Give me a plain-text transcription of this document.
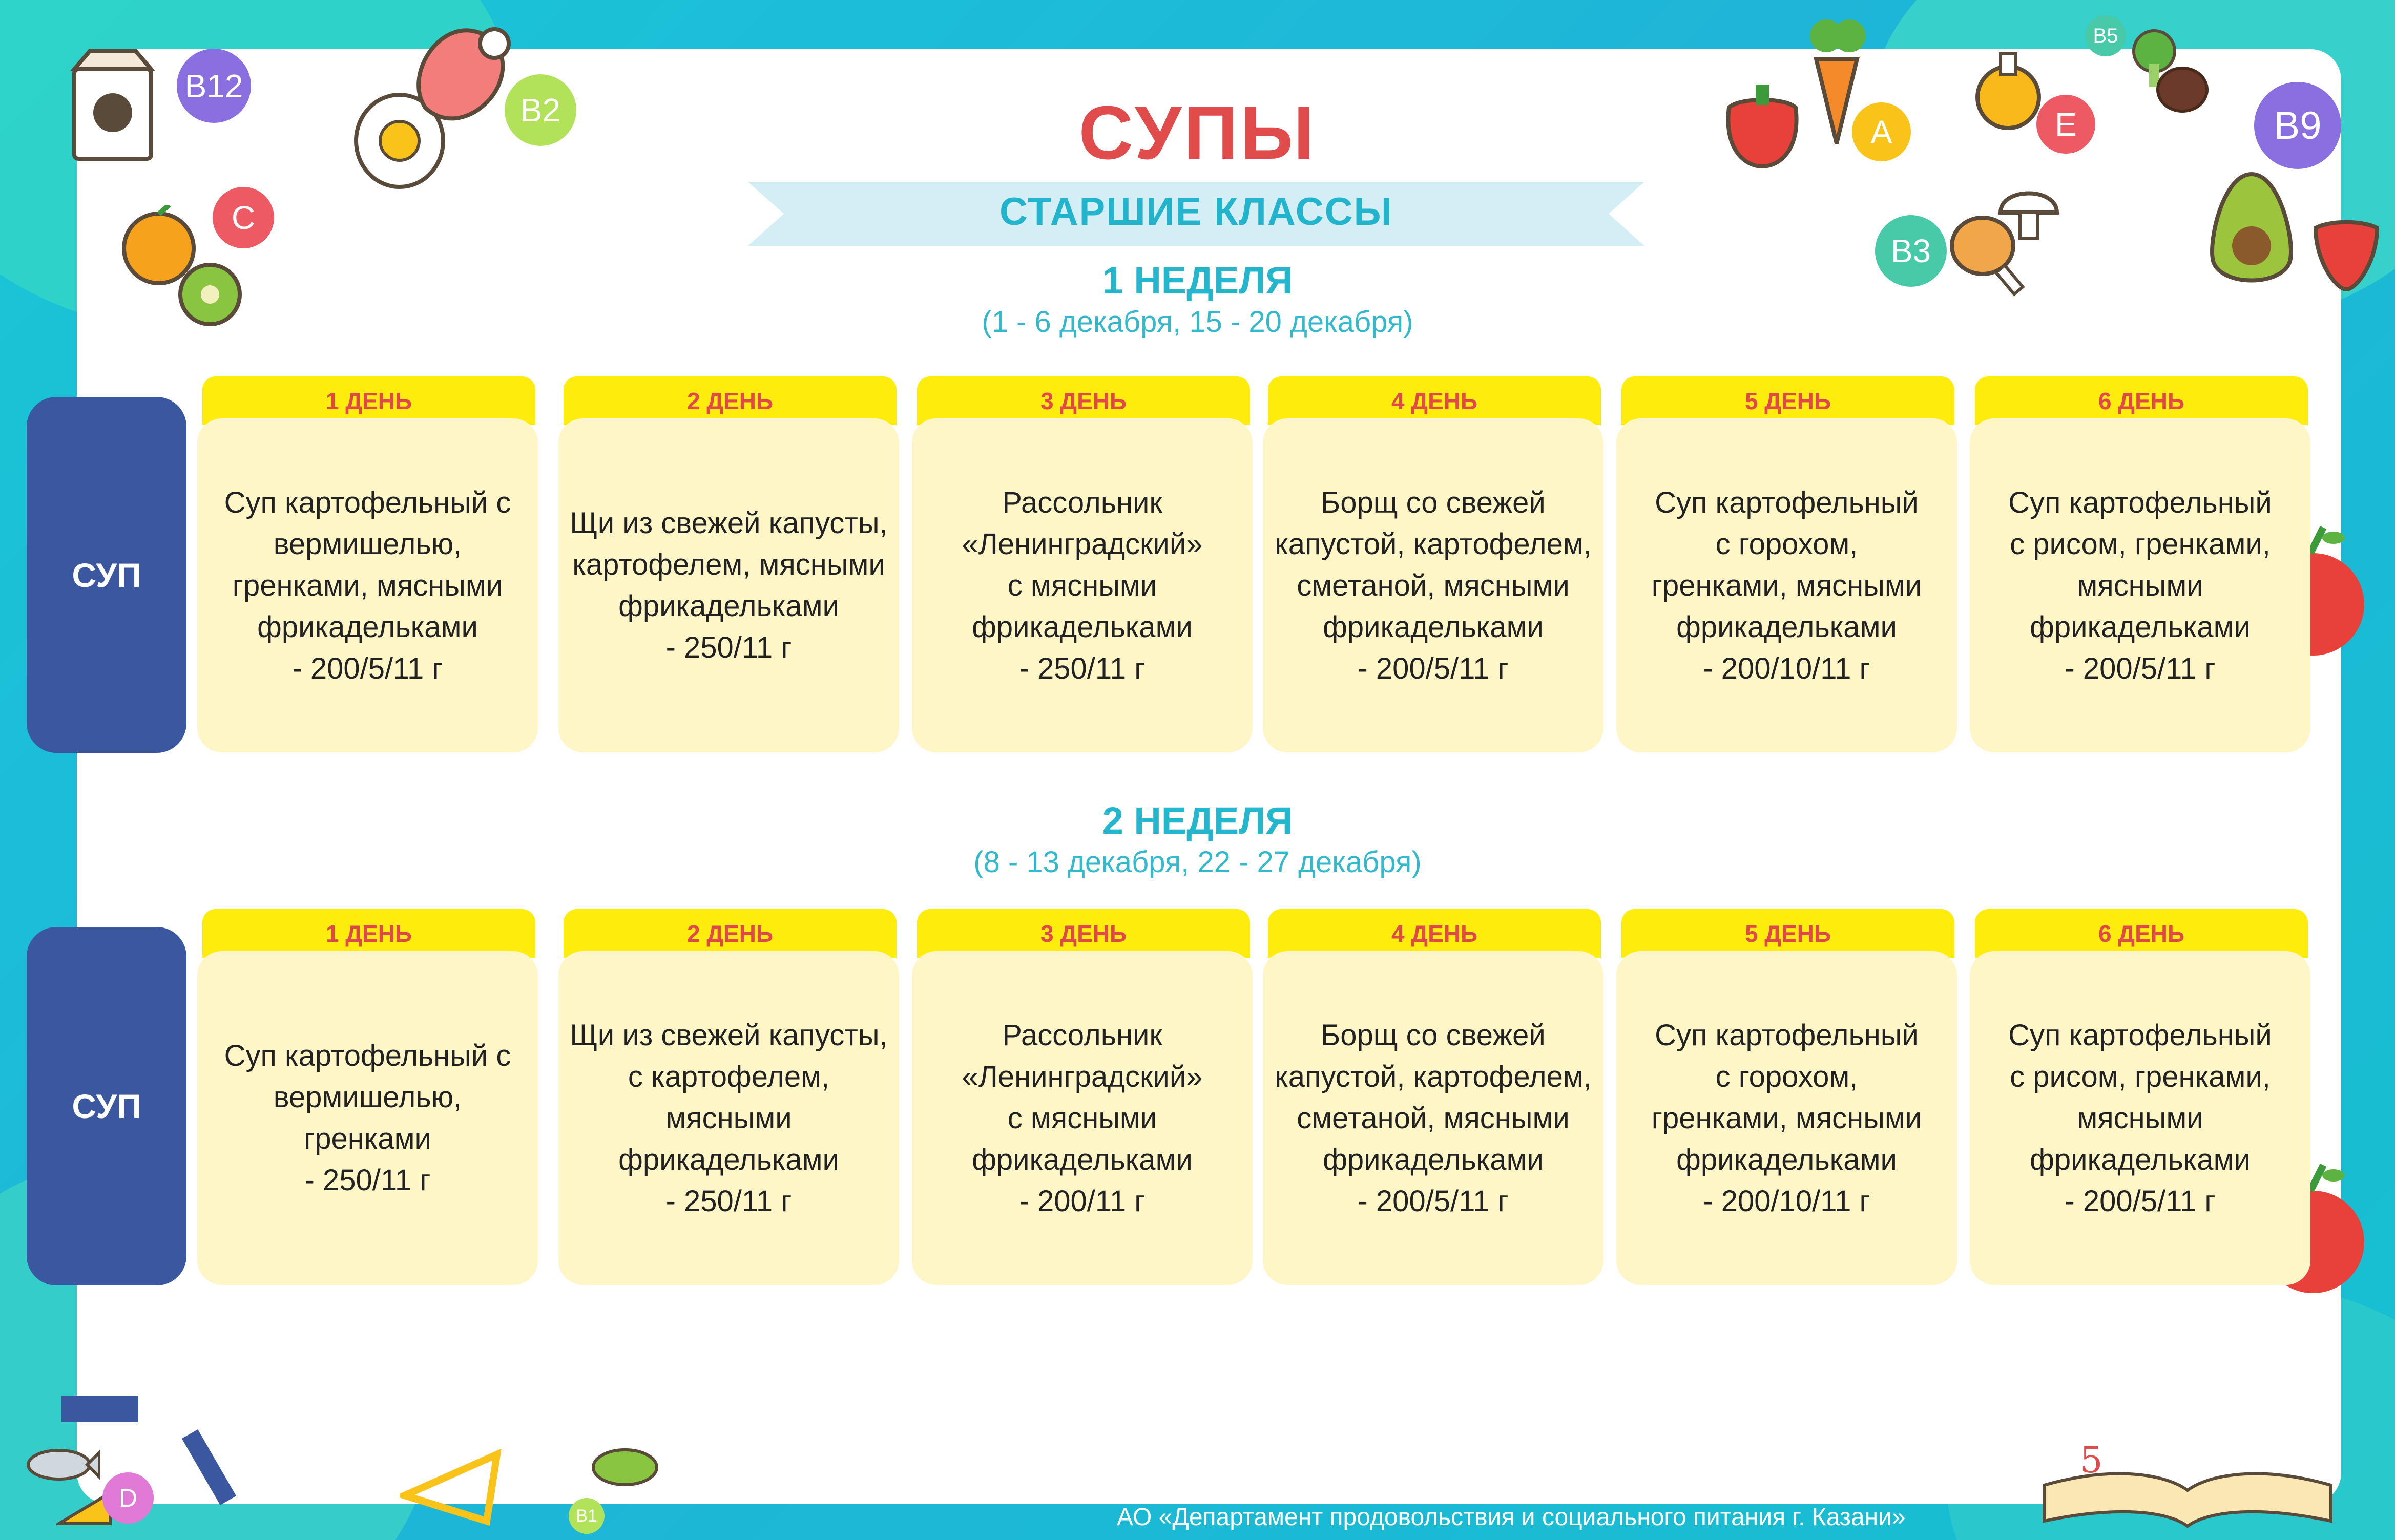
5
B12
B2
C
A	E
B5
B9
B3
D
B1
СУПЫ
СТАРШИЕ КЛАССЫ
1 НЕДЕЛЯ
(1 - 6 декабря, 15 - 20 декабря)
СУП
1 ДЕНЬ
Суп картофельный с
вермишелью,
гренками, мясными
фрикадельками
- 200/5/11 г
2 ДЕНЬ
Щи из свежей капусты,
картофелем, мясными
фрикадельками
- 250/11 г
3 ДЕНЬ
Рассольник
«Ленинградский»
с мясными
фрикадельками
- 250/11 г
4 ДЕНЬ
Борщ со свежей
капустой, картофелем,
сметаной, мясными
фрикадельками
- 200/5/11 г
5 ДЕНЬ
Суп картофельный
с горохом,
гренками, мясными
фрикадельками
- 200/10/11 г
6 ДЕНЬ
Суп картофельный
с рисом, гренками,
мясными
фрикадельками
- 200/5/11 г
2 НЕДЕЛЯ
(8 - 13 декабря, 22 - 27 декабря)
СУП
1 ДЕНЬ
Суп картофельный с
вермишелью,
гренками
- 250/11 г
2 ДЕНЬ
Щи из свежей капусты,
с картофелем,
мясными
фрикадельками
- 250/11 г
3 ДЕНЬ
Рассольник
«Ленинградский»
с мясными
фрикадельками
- 200/11 г
4 ДЕНЬ
Борщ со свежей
капустой, картофелем,
сметаной, мясными
фрикадельками
- 200/5/11 г
5 ДЕНЬ
Суп картофельный
с горохом,
гренками, мясными
фрикадельками
- 200/10/11 г
6 ДЕНЬ
Суп картофельный
с рисом, гренками,
мясными
фрикадельками
- 200/5/11 г
АО «Департамент продовольствия и социального питания г. Казани»
